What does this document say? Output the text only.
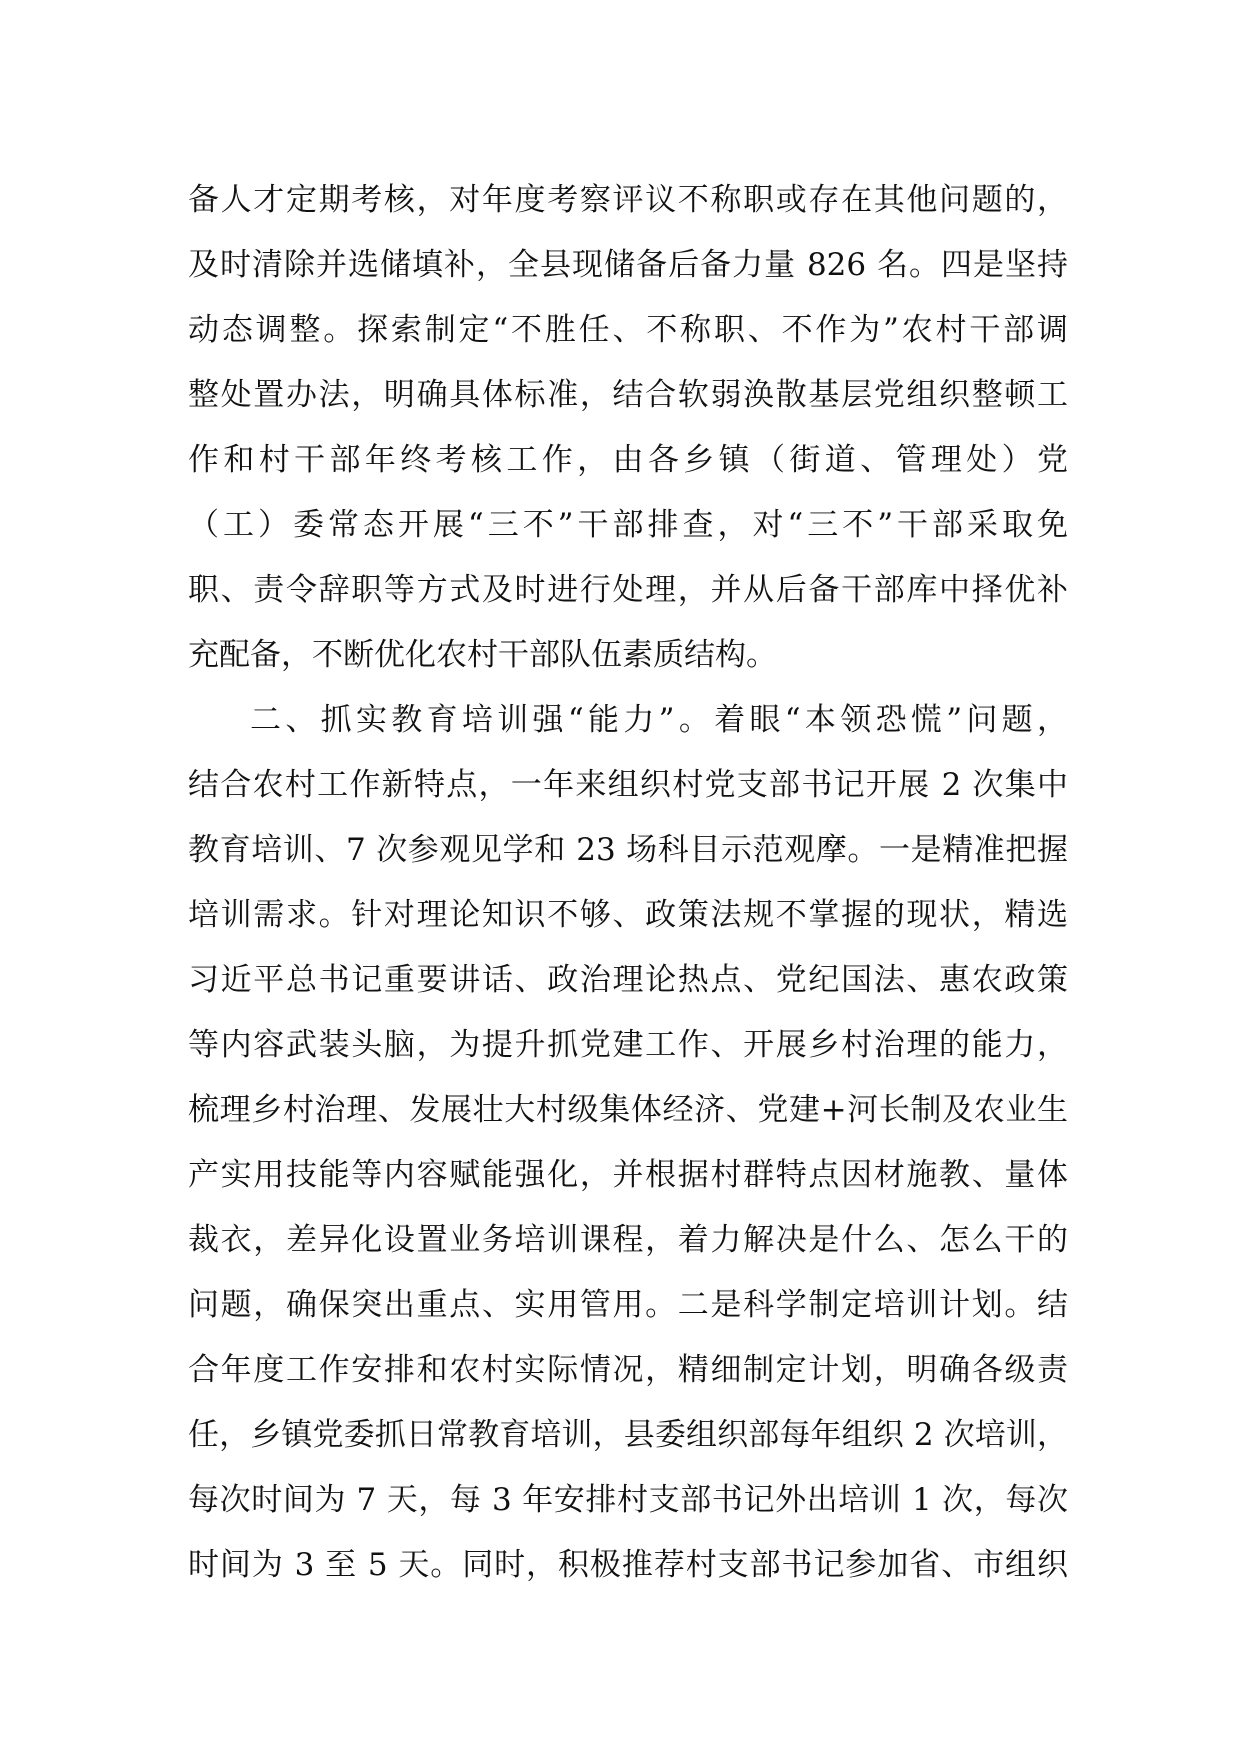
备人才定期考核，对年度考察评议不称职或存在其他问题的，
及时清除并选储填补，全县现储备后备力量 826 名。四是坚持
动态调整。探索制定“不胜任、不称职、不作为”农村干部调
整处置办法，明确具体标准，结合软弱涣散基层党组织整顿工
作和村干部年终考核工作，由各乡镇（街道、管理处）党
（工）委常态开展“三不”干部排查，对“三不”干部采取免
职、责令辞职等方式及时进行处理，并从后备干部库中择优补
充配备，不断优化农村干部队伍素质结构。
二、抓实教育培训强“能力”。着眼“本领恐慌”问题，
结合农村工作新特点，一年来组织村党支部书记开展 2 次集中
教育培训、7 次参观见学和 23 场科目示范观摩。一是精准把握
培训需求。针对理论知识不够、政策法规不掌握的现状，精选
习近平总书记重要讲话、政治理论热点、党纪国法、惠农政策
等内容武装头脑，为提升抓党建工作、开展乡村治理的能力，
梳理乡村治理、发展壮大村级集体经济、党建+河长制及农业生
产实用技能等内容赋能强化，并根据村群特点因材施教、量体
裁衣，差异化设置业务培训课程，着力解决是什么、怎么干的
问题，确保突出重点、实用管用。二是科学制定培训计划。结
合年度工作安排和农村实际情况，精细制定计划，明确各级责
任，乡镇党委抓日常教育培训，县委组织部每年组织 2 次培训，
每次时间为 7 天，每 3 年安排村支部书记外出培训 1 次，每次
时间为 3 至 5 天。同时，积极推荐村支部书记参加省、市组织
